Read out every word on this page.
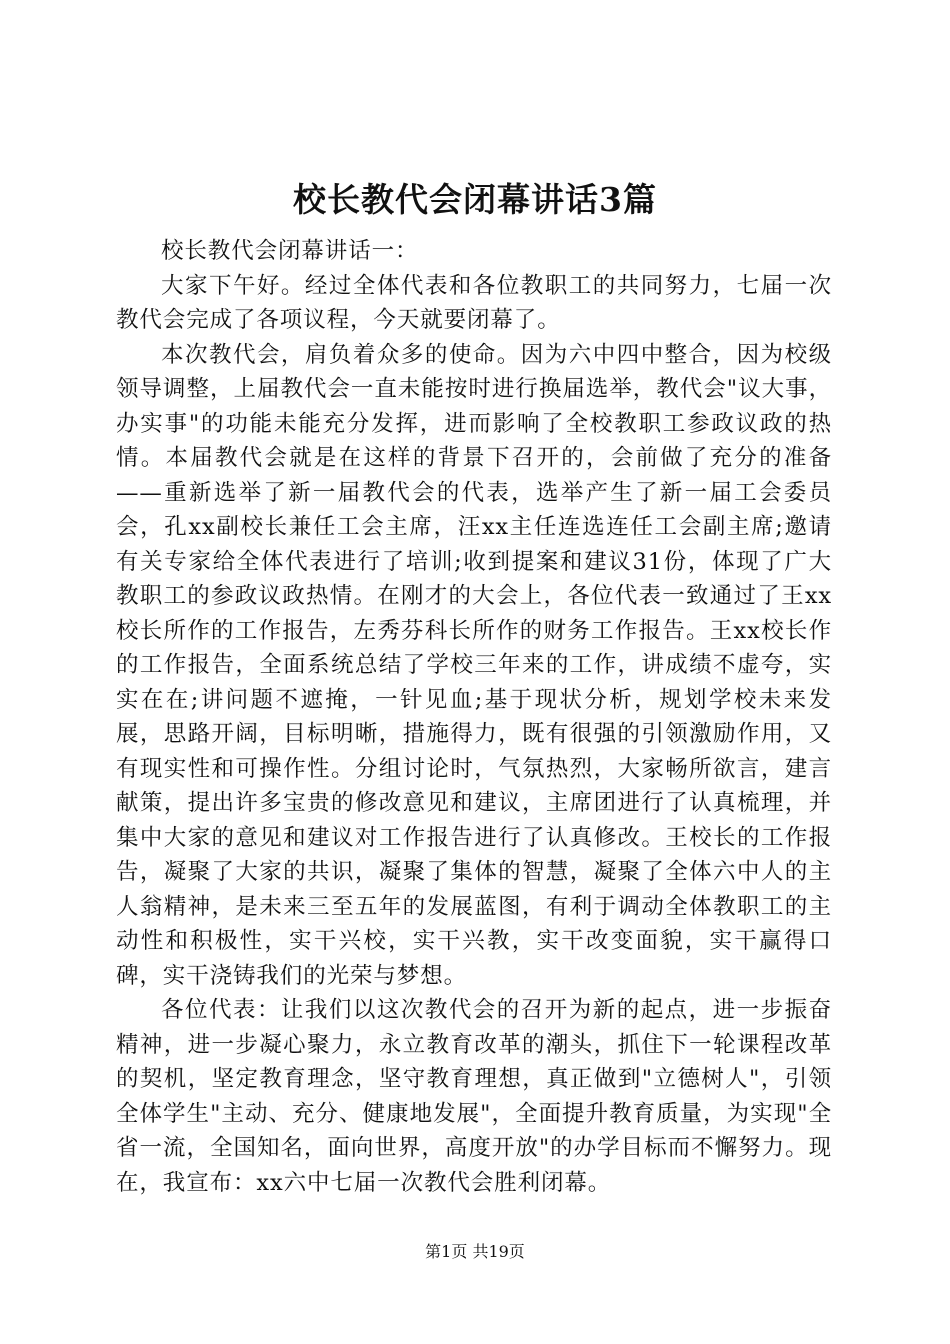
校长教代会闭幕讲话3篇

校长教代会闭幕讲话一：

大家下午好。经过全体代表和各位教职工的共同努力，七届一次教代会完成了各项议程，今天就要闭幕了。

本次教代会，肩负着众多的使命。因为六中四中整合，因为校级领导调整，上届教代会一直未能按时进行换届选举，教代会"议大事，办实事"的功能未能充分发挥，进而影响了全校教职工参政议政的热情。本届教代会就是在这样的背景下召开的，会前做了充分的准备——重新选举了新一届教代会的代表，选举产生了新一届工会委员会，孔xx副校长兼任工会主席，汪xx主任连选连任工会副主席;邀请有关专家给全体代表进行了培训;收到提案和建议31份，体现了广大教职工的参政议政热情。在刚才的大会上，各位代表一致通过了王xx校长所作的工作报告，左秀芬科长所作的财务工作报告。王xx校长作的工作报告，全面系统总结了学校三年来的工作，讲成绩不虚夸，实实在在;讲问题不遮掩，一针见血;基于现状分析，规划学校未来发展，思路开阔，目标明晰，措施得力，既有很强的引领激励作用，又有现实性和可操作性。分组讨论时，气氛热烈，大家畅所欲言，建言献策，提出许多宝贵的修改意见和建议，主席团进行了认真梳理，并集中大家的意见和建议对工作报告进行了认真修改。王校长的工作报告，凝聚了大家的共识，凝聚了集体的智慧，凝聚了全体六中人的主人翁精神，是未来三至五年的发展蓝图，有利于调动全体教职工的主动性和积极性，实干兴校，实干兴教，实干改变面貌，实干赢得口碑，实干浇铸我们的光荣与梦想。

各位代表：让我们以这次教代会的召开为新的起点，进一步振奋精神，进一步凝心聚力，永立教育改革的潮头，抓住下一轮课程改革的契机，坚定教育理念，坚守教育理想，真正做到"立德树人"，引领全体学生"主动、充分、健康地发展"，全面提升教育质量，为实现"全省一流，全国知名，面向世界，高度开放"的办学目标而不懈努力。现在，我宣布：xx六中七届一次教代会胜利闭幕。

第1页 共19页
